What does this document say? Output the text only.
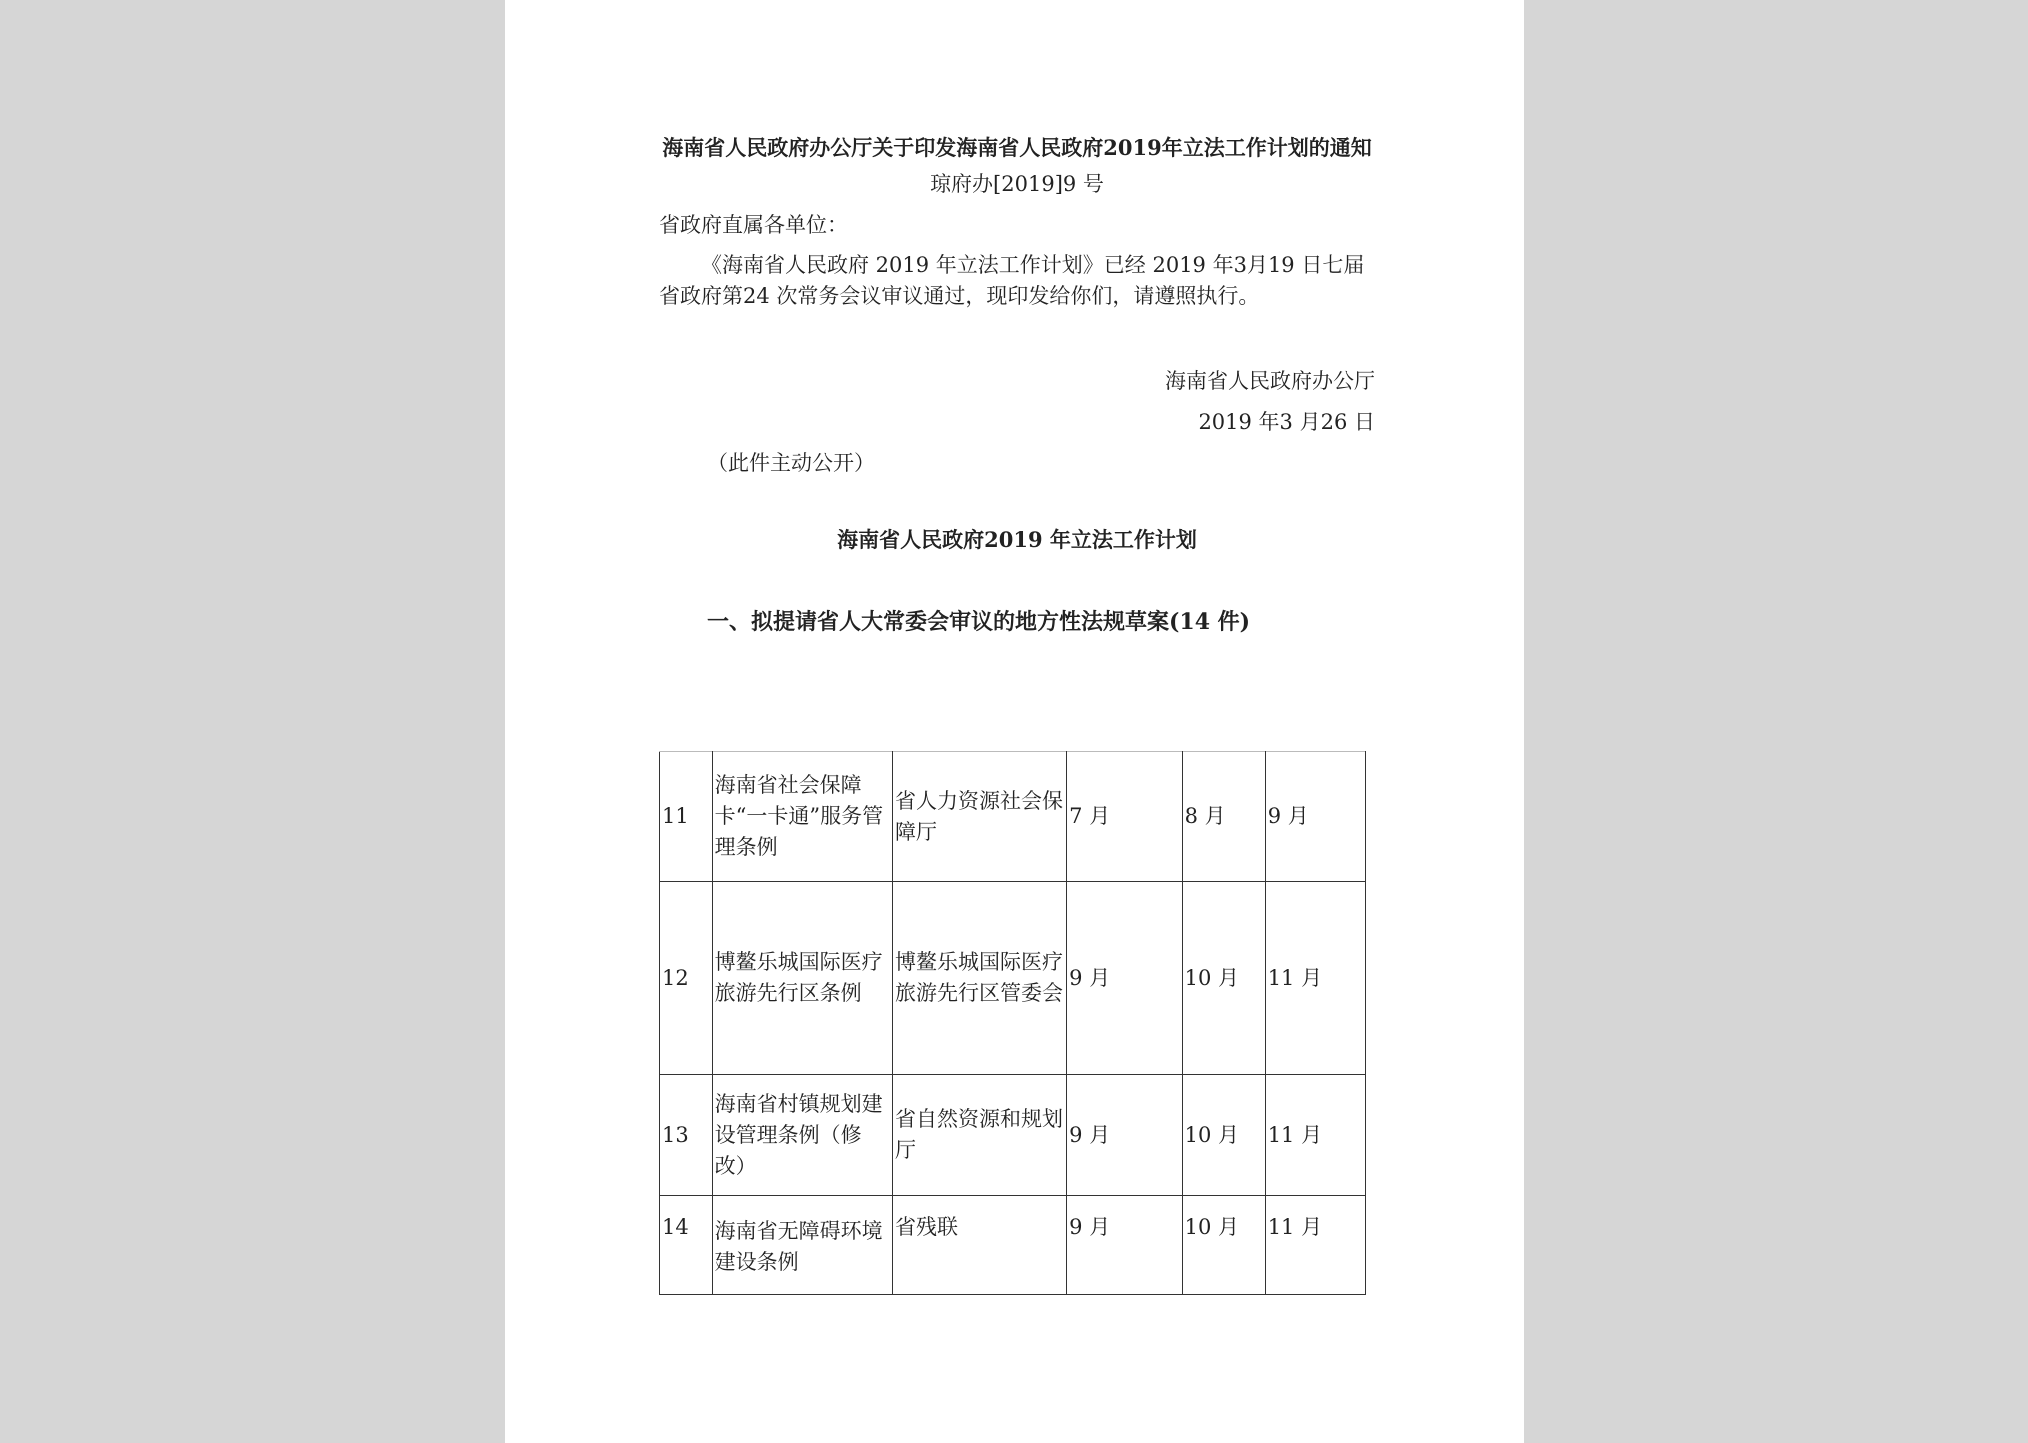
海南省人民政府办公厅关于印发海南省人民政府2019年立法工作计划的通知
琼府办[2019]9 号
省政府直属各单位：
《海南省人民政府 2019 年立法工作计划》已经 2019 年3月19 日七届省政府第24 次常务会议审议通过，现印发给你们，请遵照执行。
海南省人民政府办公厅
2019 年3 月26 日
（此件主动公开）
海南省人民政府2019 年立法工作计划
一、拟提请省人大常委会审议的地方性法规草案(14 件)
11	海南省社会保障卡“一卡通”服务管理条例	省人力资源社会保障厅	7 月	8 月	9 月
12	博鳌乐城国际医疗旅游先行区条例	博鳌乐城国际医疗旅游先行区管委会	9 月	10 月	11 月
13	海南省村镇规划建设管理条例（修改）	省自然资源和规划厅	9 月	10 月	11 月
14	海南省无障碍环境建设条例	省残联	9 月	10 月	11 月
